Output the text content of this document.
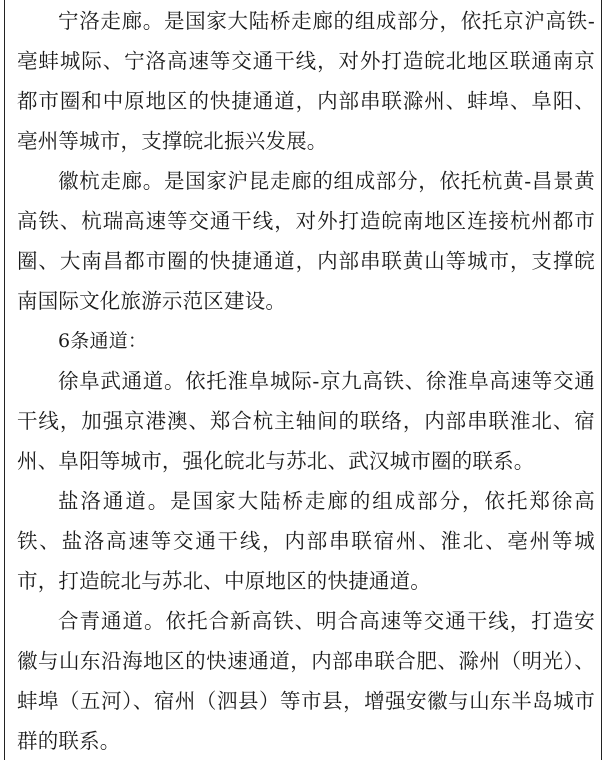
宁洛走廊。是国家大陆桥走廊的组成部分，依托京沪高铁-亳蚌城际、宁洛高速等交通干线，对外打造皖北地区联通南京都市圈和中原地区的快捷通道，内部串联滁州、蚌埠、阜阳、亳州等城市，支撑皖北振兴发展。

徽杭走廊。是国家沪昆走廊的组成部分，依托杭黄-昌景黄高铁、杭瑞高速等交通干线，对外打造皖南地区连接杭州都市圈、大南昌都市圈的快捷通道，内部串联黄山等城市，支撑皖南国际文化旅游示范区建设。

6条通道：

徐阜武通道。依托淮阜城际-京九高铁、徐淮阜高速等交通干线，加强京港澳、郑合杭主轴间的联络，内部串联淮北、宿州、阜阳等城市，强化皖北与苏北、武汉城市圈的联系。

盐洛通道。是国家大陆桥走廊的组成部分，依托郑徐高铁、盐洛高速等交通干线，内部串联宿州、淮北、亳州等城市，打造皖北与苏北、中原地区的快捷通道。

合青通道。依托合新高铁、明合高速等交通干线，打造安徽与山东沿海地区的快速通道，内部串联合肥、滁州（明光）、蚌埠（五河）、宿州（泗县）等市县，增强安徽与山东半岛城市群的联系。
